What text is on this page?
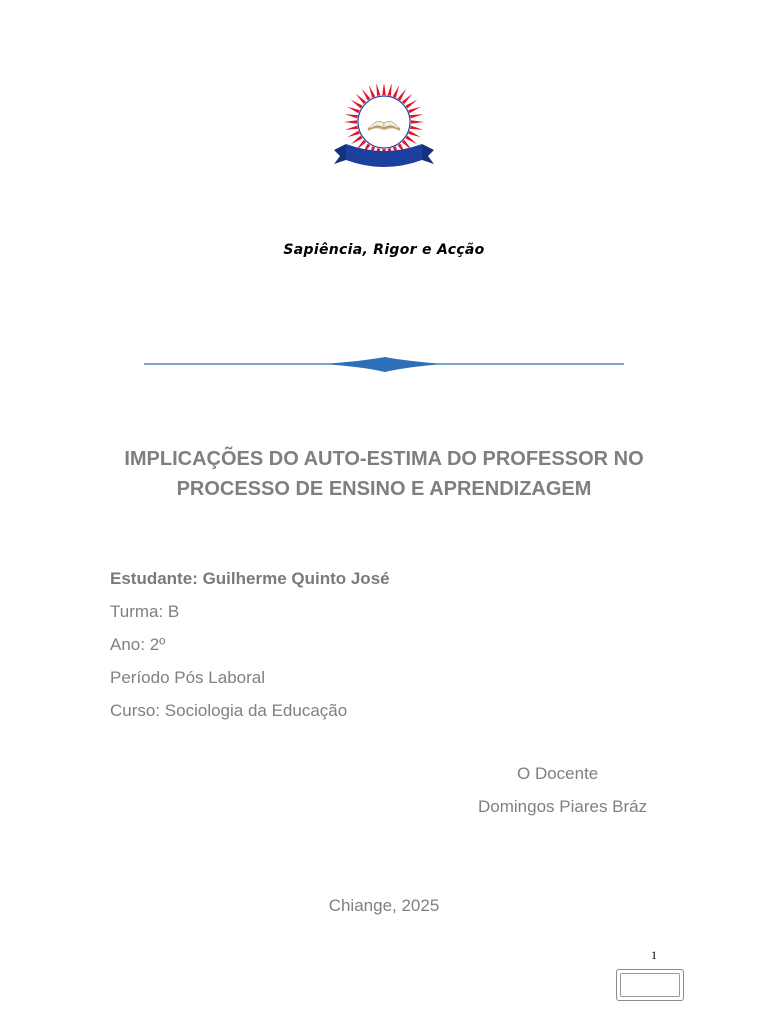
Sapiência, Rigor e Acção
IMPLICAÇÕES DO AUTO-ESTIMA DO PROFESSOR NO
PROCESSO DE ENSINO E APRENDIZAGEM
Estudante: Guilherme Quinto José
Turma: B
Ano: 2º
Período Pós Laboral
Curso: Sociologia da Educação
O Docente
Domingos Piares Bráz
Chiange, 2025
1
